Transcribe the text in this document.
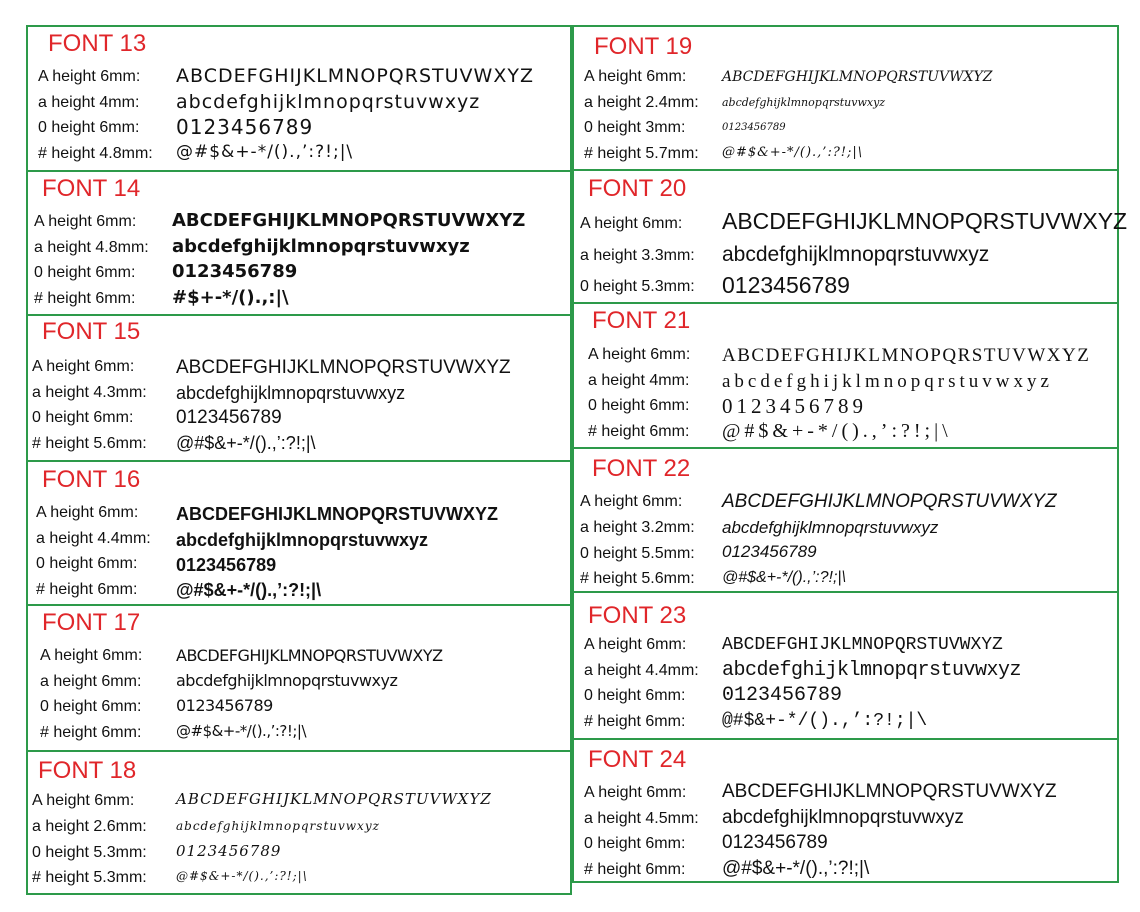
FONT 13
A height 6mm: ABCDEFGHIJKLMNOPQRSTUVWXYZ
a height 4mm: abcdefghijklmnopqrstuvwxyz
0 height 6mm: 0123456789
# height 4.8mm: @#$&+-*/().,’:?!;|\
FONT 14
A height 6mm: ABCDEFGHIJKLMNOPQRSTUVWXYZ
a height 4.8mm: abcdefghijklmnopqrstuvwxyz
0 height 6mm: 0123456789
# height 6mm: #$+-*/().,:|\
FONT 15
A height 6mm: ABCDEFGHIJKLMNOPQRSTUVWXYZ
a height 4.3mm: abcdefghijklmnopqrstuvwxyz
0 height 6mm: 0123456789
# height 5.6mm: @#$&+-*/().,’:?!;|\
FONT 16
A height 6mm: ABCDEFGHIJKLMNOPQRSTUVWXYZ
a height 4.4mm: abcdefghijklmnopqrstuvwxyz
0 height 6mm: 0123456789
# height 6mm: @#$&+-*/().,’:?!;|\
FONT 17
A height 6mm: ABCDEFGHIJKLMNOPQRSTUVWXYZ
a height 6mm: abcdefghijklmnopqrstuvwxyz
0 height 6mm: 0123456789
# height 6mm: @#$&+-*/().,’:?!;|\
FONT 18
A height 6mm:	ABCDEFGHIJKLMNOPQRSTUVWXYZ
a height 2.6mm: abcdefghijklmnopqrstuvwxyz
0 height 5.3mm: 0123456789
# height 5.3mm: @#$&+-*/().,’:?!;|\
FONT 19
A height 6mm:	ABCDEFGHIJKLMNOPQRSTUVWXYZ
a height 2.4mm: abcdefghijklmnopqrstuvwxyz
0 height 3mm:	0123456789
# height 5.7mm: @#$&+-*/().,’:?!;|\
FONT 20
A height 6mm: ABCDEFGHIJKLMNOPQRSTUVWXYZ
a height 3.3mm: abcdefghijklmnopqrstuvwxyz
0 height 5.3mm: 0123456789
FONT 21
A height 6mm: ABCDEFGHIJKLMNOPQRSTUVWXYZ
a height 4mm: abcdefghijklmnopqrstuvwxyz
0 height 6mm: 0123456789
# height 6mm: @#$&+-*/().,’:?!;|\
FONT 22
A height 6mm: ABCDEFGHIJKLMNOPQRSTUVWXYZ
a height 3.2mm: abcdefghijklmnopqrstuvwxyz
0 height 5.5mm: 0123456789
# height 5.6mm: @#$&+-*/().,’:?!;|\
FONT 23
A height 6mm: ABCDEFGHIJKLMNOPQRSTUVWXYZ
a height 4.4mm: abcdefghijklmnopqrstuvwxyz
0 height 6mm: 0123456789
# height 6mm: @#$&+-*/().,’:?!;|\
FONT 24
A height 6mm: ABCDEFGHIJKLMNOPQRSTUVWXYZ
a height 4.5mm: abcdefghijklmnopqrstuvwxyz
0 height 6mm: 0123456789
# height 6mm: @#$&+-*/().,’:?!;|\
